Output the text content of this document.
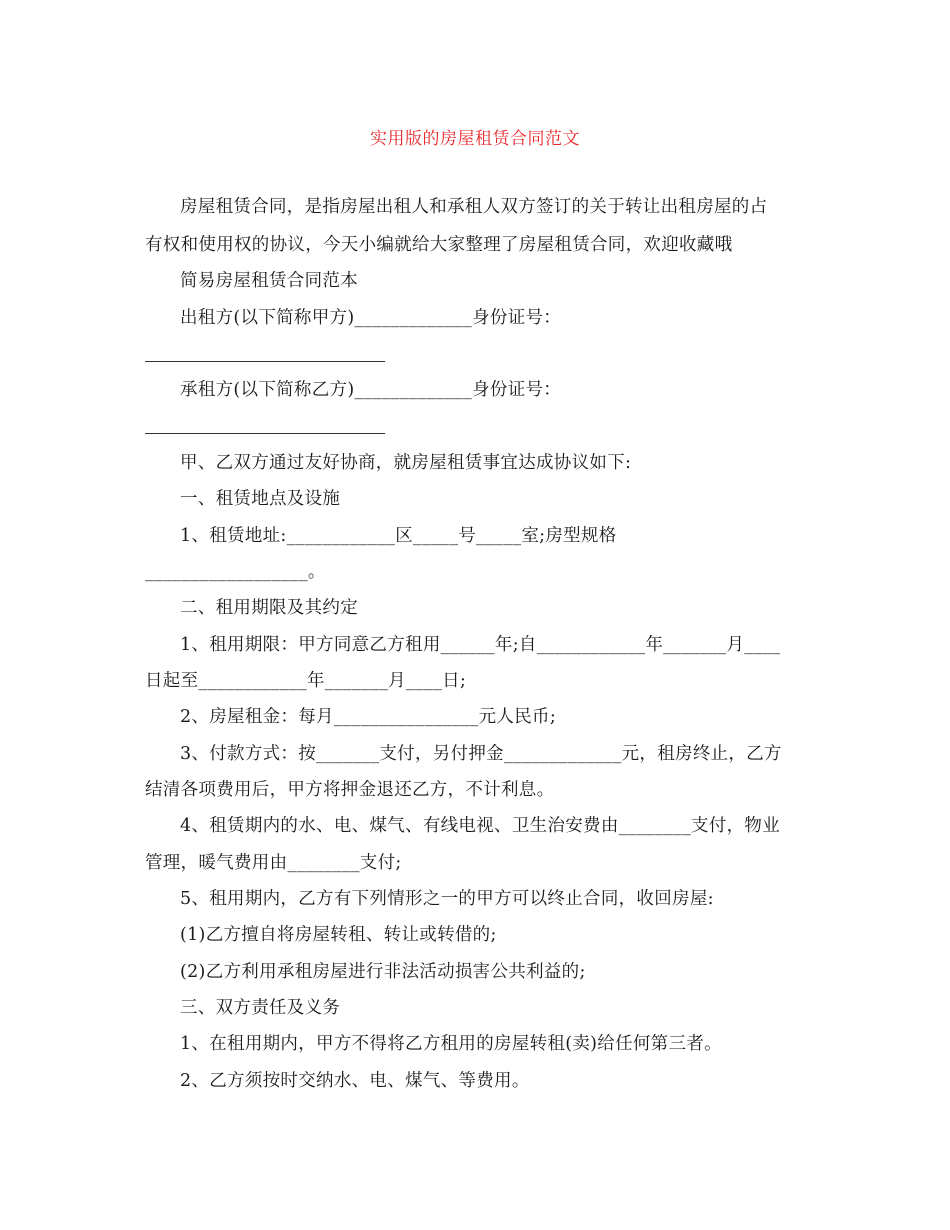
实用版的房屋租赁合同范文
房屋租赁合同，是指房屋出租人和承租人双方签订的关于转让出租房屋的占
有权和使用权的协议，今天小编就给大家整理了房屋租赁合同，欢迎收藏哦
简易房屋租赁合同范本
出租方(以下简称甲方)_____________身份证号：
承租方(以下简称乙方)_____________身份证号：
甲、乙双方通过友好协商，就房屋租赁事宜达成协议如下:
一、租赁地点及设施
1、租赁地址:____________区_____号_____室;房型规格
__________________。
二、租用期限及其约定
1、租用期限：甲方同意乙方租用______年;自____________年_______月____
日起至____________年_______月____日;
2、房屋租金：每月________________元人民币;
3、付款方式：按_______支付，另付押金_____________元，租房终止，乙方
结清各项费用后，甲方将押金退还乙方，不计利息。
4、租赁期内的水、电、煤气、有线电视、卫生治安费由________支付，物业
管理，暖气费用由________支付;
5、租用期内，乙方有下列情形之一的甲方可以终止合同，收回房屋:
(1)乙方擅自将房屋转租、转让或转借的;
(2)乙方利用承租房屋进行非法活动损害公共利益的;
三、双方责任及义务
1、在租用期内，甲方不得将乙方租用的房屋转租(卖)给任何第三者。
2、乙方须按时交纳水、电、煤气、等费用。
